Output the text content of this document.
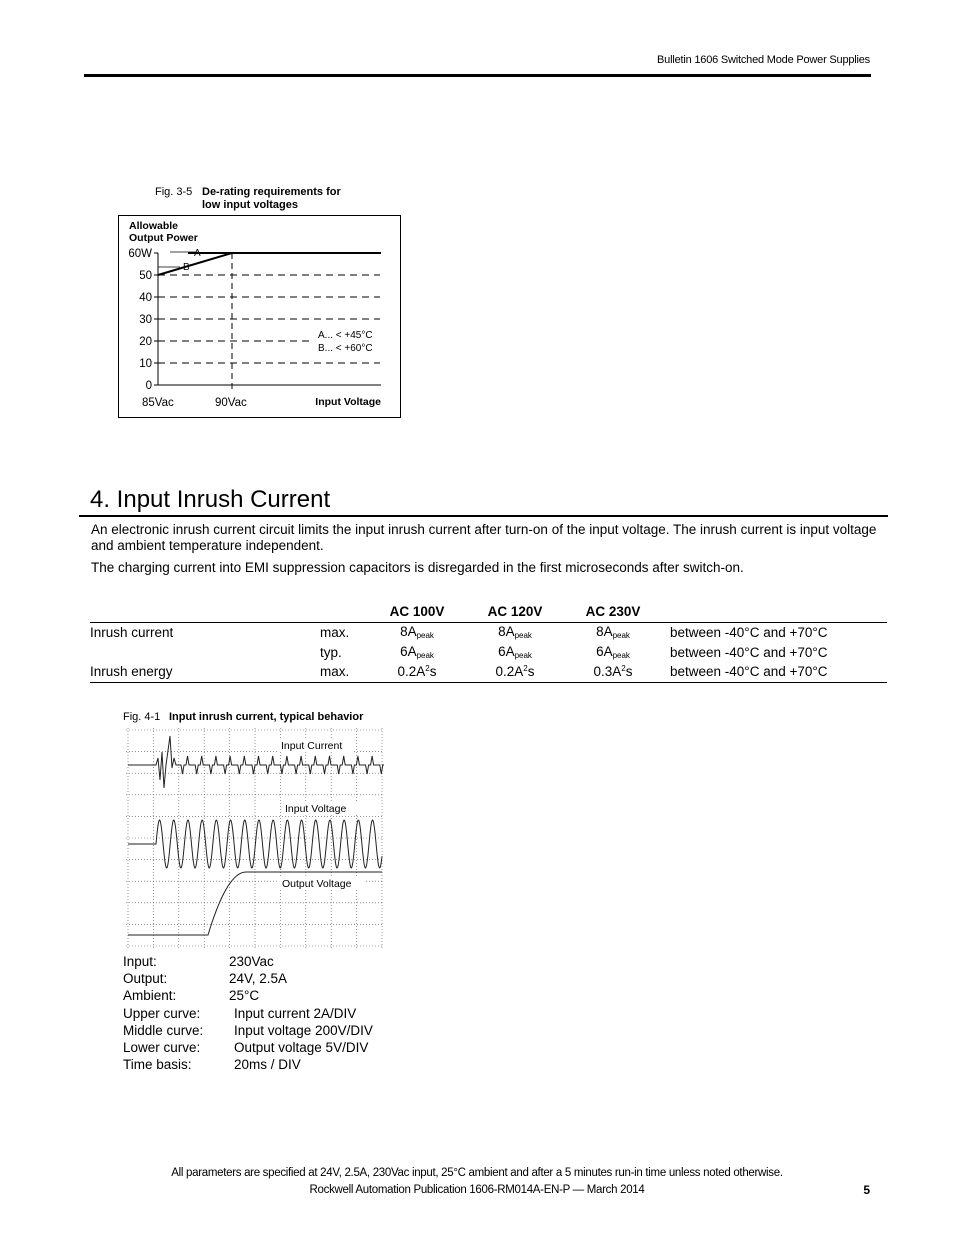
Bulletin 1606 Switched Mode Power Supplies
Fig. 3-5 De-rating requirements for
low input voltages
Allowable
Output Power
60W
50
40
30
20
10
0
A
B
A... < +45°C
B... < +60°C
85Vac	90Vac	Input Voltage
4. Input Inrush Current
An electronic inrush current circuit limits the input inrush current after turn-on of the input voltage. The inrush current is input voltage and ambient temperature independent.
The charging current into EMI suppression capacitors is disregarded in the first microseconds after switch-on.
		AC 100V	AC 120V	AC 230V	
Inrush current	max.	$8A_{peak}$	$8A_{peak}$	$8A_{peak}$	between -40°C and +70°C
	typ.	$6A_{peak}$	$6A_{peak}$	$6A_{peak}$	between -40°C and +70°C
Inrush energy	max.	$0.2A^2s$	$0.2A^2s$	$0.3A^2s$	between -40°C and +70°C
Fig. 4-1 Input inrush current, typical behavior
Input Current
Input Voltage
Output Voltage
Input:	230Vac
Output:	24V, 2.5A
Ambient:	25°C
Upper curve: Input current 2A/DIV
Middle curve: Input voltage 200V/DIV
Lower curve: Output voltage 5V/DIV
Time basis:	20ms / DIV
All parameters are specified at 24V, 2.5A, 230Vac input, 25°C ambient and after a 5 minutes run-in time unless noted otherwise.
Rockwell Automation Publication 1606-RM014A-EN-P — March 2014	5
